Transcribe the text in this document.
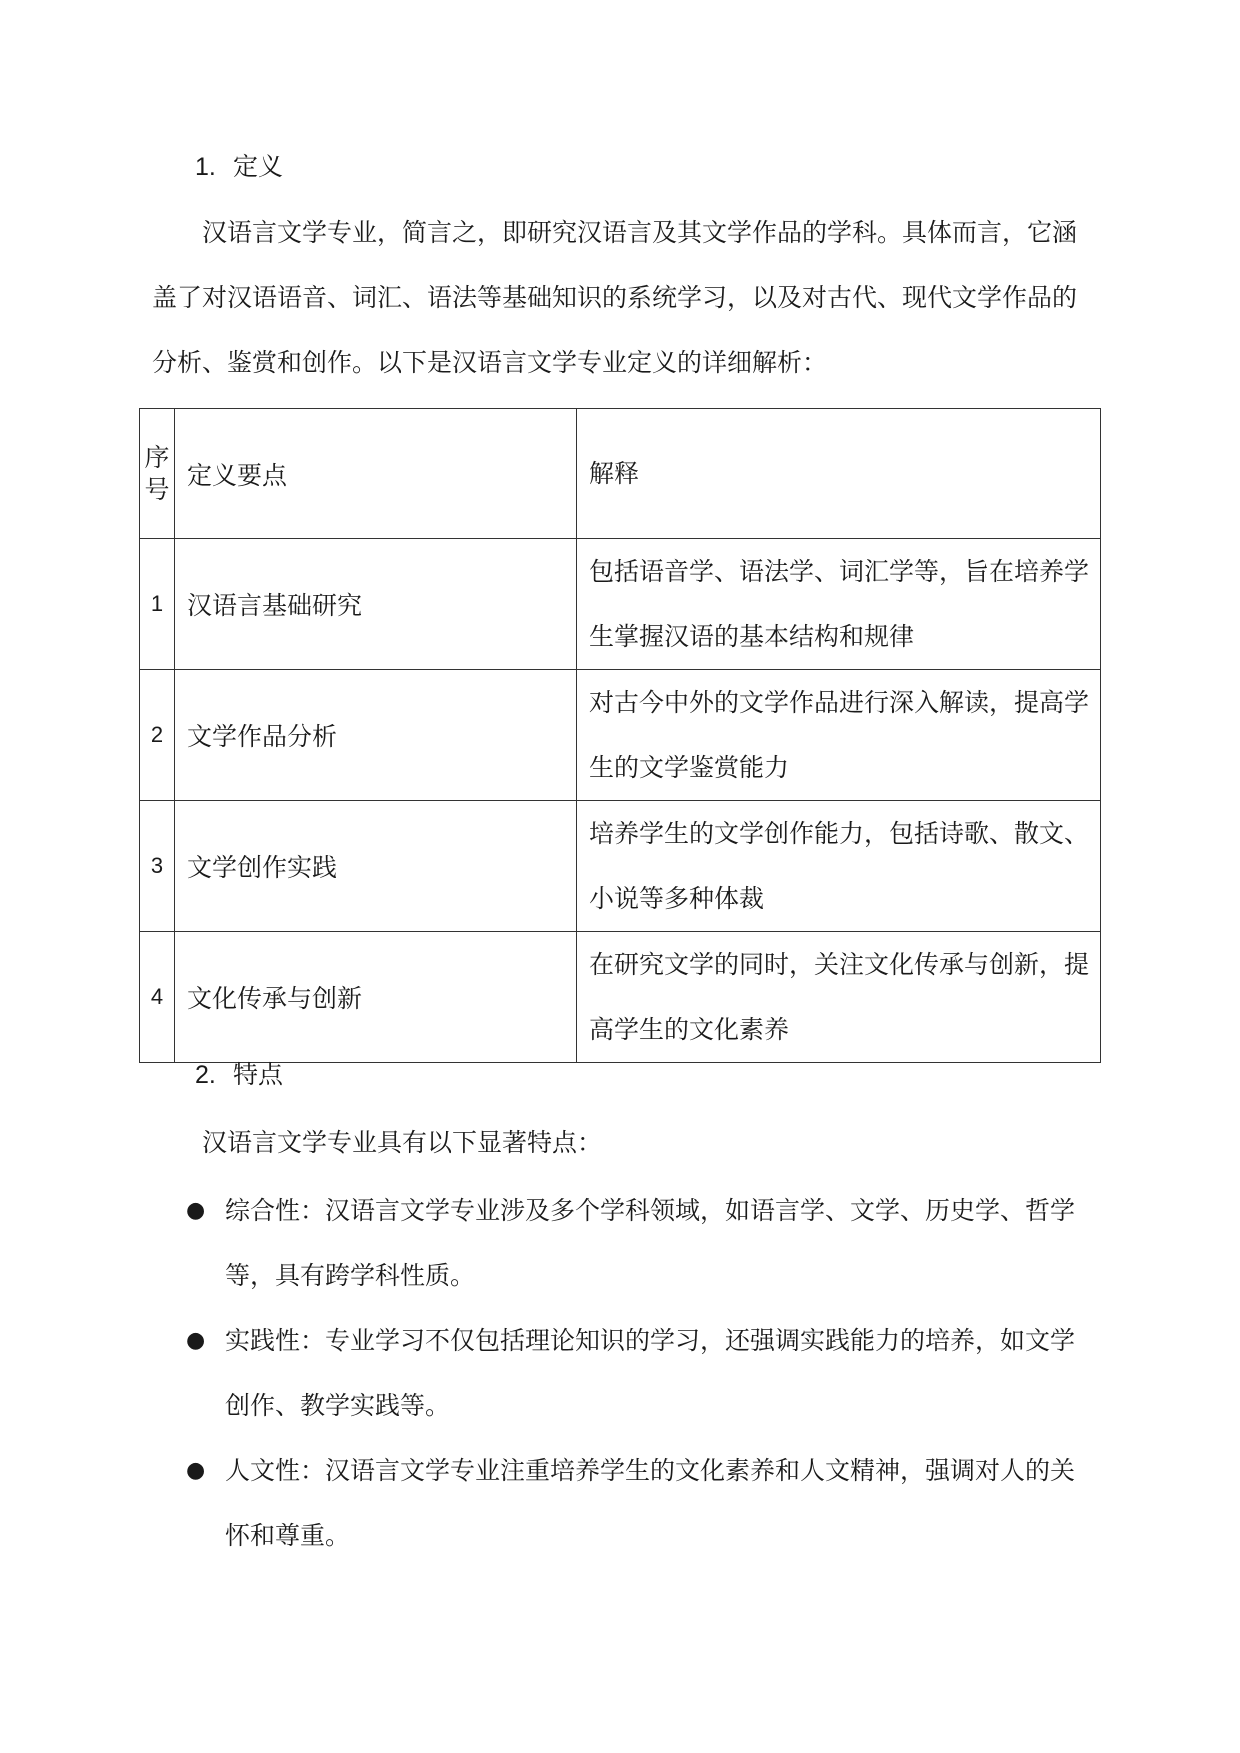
1. 定义

汉语言文学专业，简言之，即研究汉语言及其文学作品的学科。具体而言，它涵盖了对汉语语音、词汇、语法等基础知识的系统学习，以及对古代、现代文学作品的分析、鉴赏和创作。以下是汉语言文学专业定义的详细解析：

序号	定义要点	解释
1	汉语言基础研究	包括语音学、语法学、词汇学等，旨在培养学生掌握汉语的基本结构和规律
2	文学作品分析	对古今中外的文学作品进行深入解读，提高学生的文学鉴赏能力
3	文学创作实践	培养学生的文学创作能力，包括诗歌、散文、小说等多种体裁
4	文化传承与创新	在研究文学的同时，关注文化传承与创新，提高学生的文化素养
2. 特点

汉语言文学专业具有以下显著特点：

● 综合性：汉语言文学专业涉及多个学科领域，如语言学、文学、历史学、哲学等，具有跨学科性质。
● 实践性：专业学习不仅包括理论知识的学习，还强调实践能力的培养，如文学创作、教学实践等。
● 人文性：汉语言文学专业注重培养学生的文化素养和人文精神，强调对人的关怀和尊重。
